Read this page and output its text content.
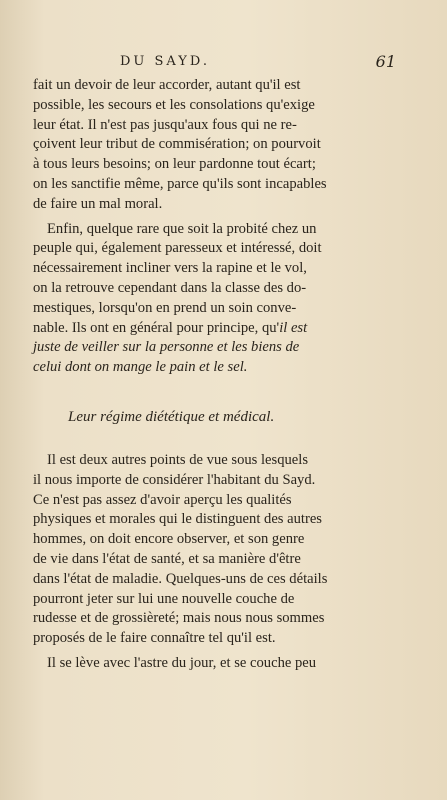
DU SAYD.	61
fait un devoir de leur accorder, autant qu'il est
possible, les secours et les consolations qu'exige
leur état. Il n'est pas jusqu'aux fous qui ne re-
çoivent leur tribut de commisération; on pourvoit
à tous leurs besoins; on leur pardonne tout écart;
on les sanctifie même, parce qu'ils sont incapables
de faire un mal moral.
Enfin, quelque rare que soit la probité chez un
peuple qui, également paresseux et intéressé, doit
nécessairement incliner vers la rapine et le vol,
on la retrouve cependant dans la classe des do-
mestiques, lorsqu'on en prend un soin conve-
nable. Ils ont en général pour principe, qu'il est
juste de veiller sur la personne et les biens de
celui dont on mange le pain et le sel.
Leur régime diététique et médical.
Il est deux autres points de vue sous lesquels
il nous importe de considérer l'habitant du Sayd.
Ce n'est pas assez d'avoir aperçu les qualités
physiques et morales qui le distinguent des autres
hommes, on doit encore observer, et son genre
de vie dans l'état de santé, et sa manière d'être
dans l'état de maladie. Quelques-uns de ces détails
pourront jeter sur lui une nouvelle couche de
rudesse et de grossièreté; mais nous nous sommes
proposés de le faire connaître tel qu'il est.
Il se lève avec l'astre du jour, et se couche peu
